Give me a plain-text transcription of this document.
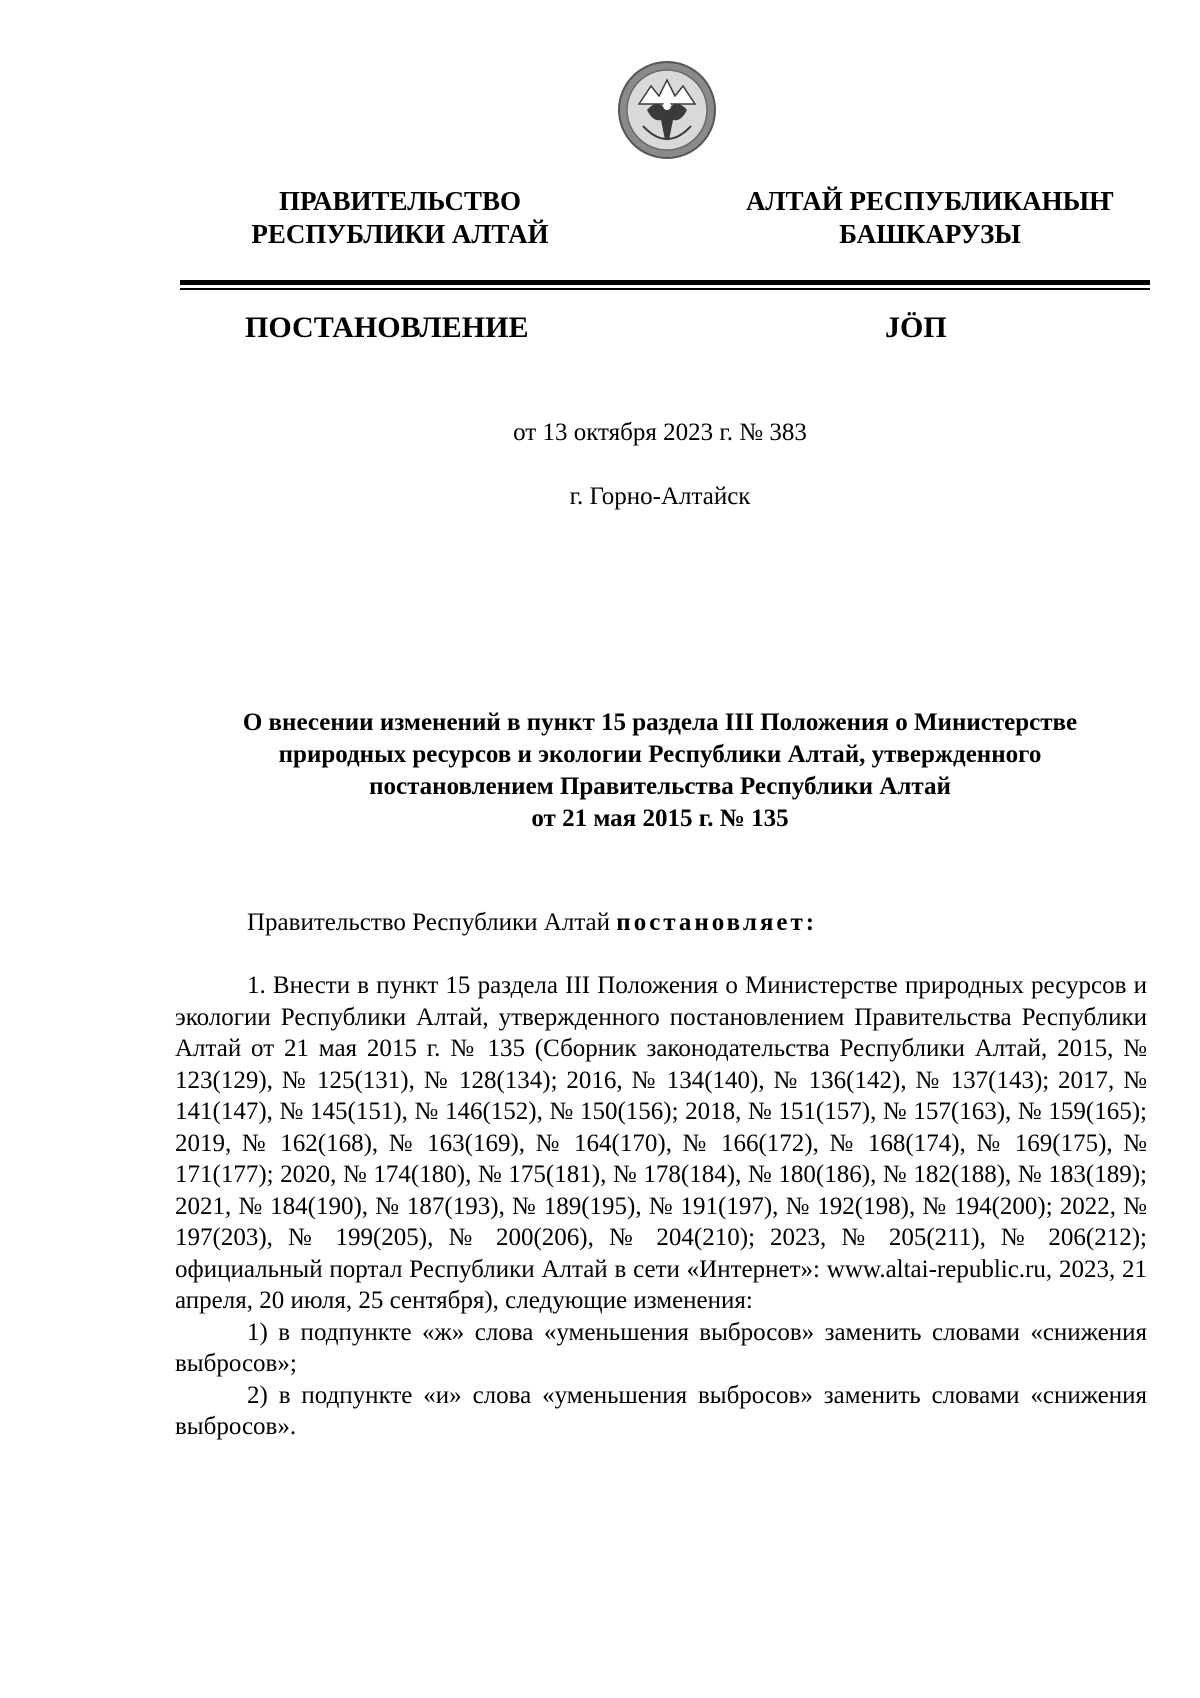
ПРАВИТЕЛЬСТВО
РЕСПУБЛИКИ АЛТАЙ
АЛТАЙ РЕСПУБЛИКАНЫҤ
БАШКАРУЗЫ
ПОСТАНОВЛЕНИЕ	JӦП
от 13 октября 2023 г. № 383
г. Горно-Алтайск
О внесении изменений в пункт 15 раздела III Положения о Министерстве
природных ресурсов и экологии Республики Алтай, утвержденного
постановлением Правительства Республики Алтай
от 21 мая 2015 г. № 135
Правительство Республики Алтай постановляет:

1. Внести в пункт 15 раздела III Положения о Министерстве природных ресурсов и экологии Республики Алтай, утвержденного постановлением Правительства Республики Алтай от 21 мая 2015 г. № 135 (Сборник законодательства Республики Алтай, 2015, № 123(129), № 125(131), № 128(134); 2016, № 134(140), № 136(142), № 137(143); 2017, № 141(147), № 145(151), № 146(152), № 150(156); 2018, № 151(157), № 157(163), № 159(165); 2019, № 162(168), № 163(169), № 164(170), № 166(172), № 168(174), № 169(175), № 171(177); 2020, № 174(180), № 175(181), № 178(184), № 180(186), № 182(188), № 183(189); 2021, № 184(190), № 187(193), № 189(195), № 191(197), № 192(198), № 194(200); 2022, № 197(203), № 199(205), № 200(206), № 204(210); 2023, № 205(211), № 206(212); официальный портал Республики Алтай в сети «Интернет»: www.altai-republic.ru, 2023, 21 апреля, 20 июля, 25 сентября), следующие изменения:

1) в подпункте «ж» слова «уменьшения выбросов» заменить словами «снижения выбросов»;

2) в подпункте «и» слова «уменьшения выбросов» заменить словами «снижения выбросов».
